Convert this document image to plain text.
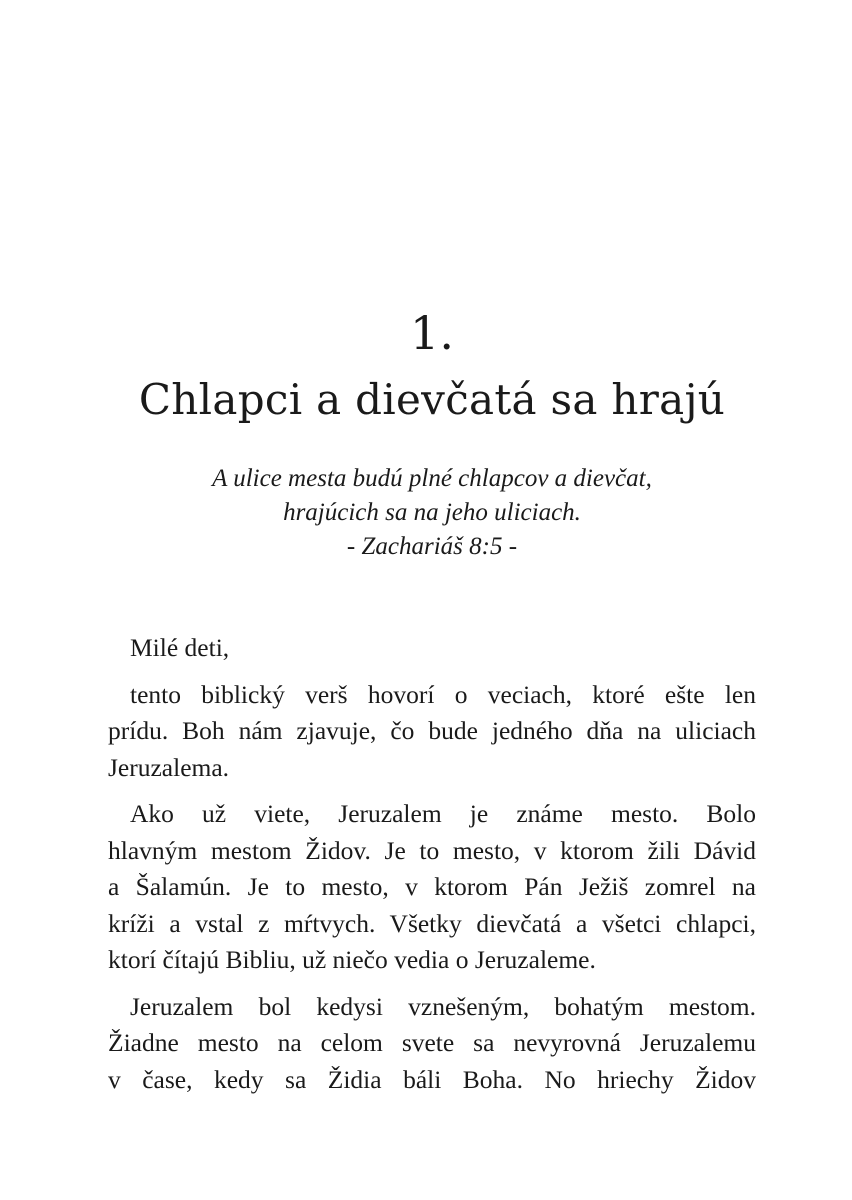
1.
Chlapci a dievčatá sa hrajú
A ulice mesta budú plné chlapcov a dievčat,
hrajúcich sa na jeho uliciach.
- Zachariáš 8:5 -
Milé deti,
tento biblický verš hovorí o veciach, ktoré ešte len
prídu. Boh nám zjavuje, čo bude jedného dňa na uliciach
Jeruzalema.
Ako už viete, Jeruzalem je známe mesto. Bolo
hlavným mestom Židov. Je to mesto, v ktorom žili Dávid
a Šalamún. Je to mesto, v ktorom Pán Ježiš zomrel na
kríži a vstal z mŕtvych. Všetky dievčatá a všetci chlapci,
ktorí čítajú Bibliu, už niečo vedia o Jeruzaleme.
Jeruzalem bol kedysi vznešeným, bohatým mestom.
Žiadne mesto na celom svete sa nevyrovná Jeruzalemu
v čase, kedy sa Židia báli Boha. No hriechy Židov
